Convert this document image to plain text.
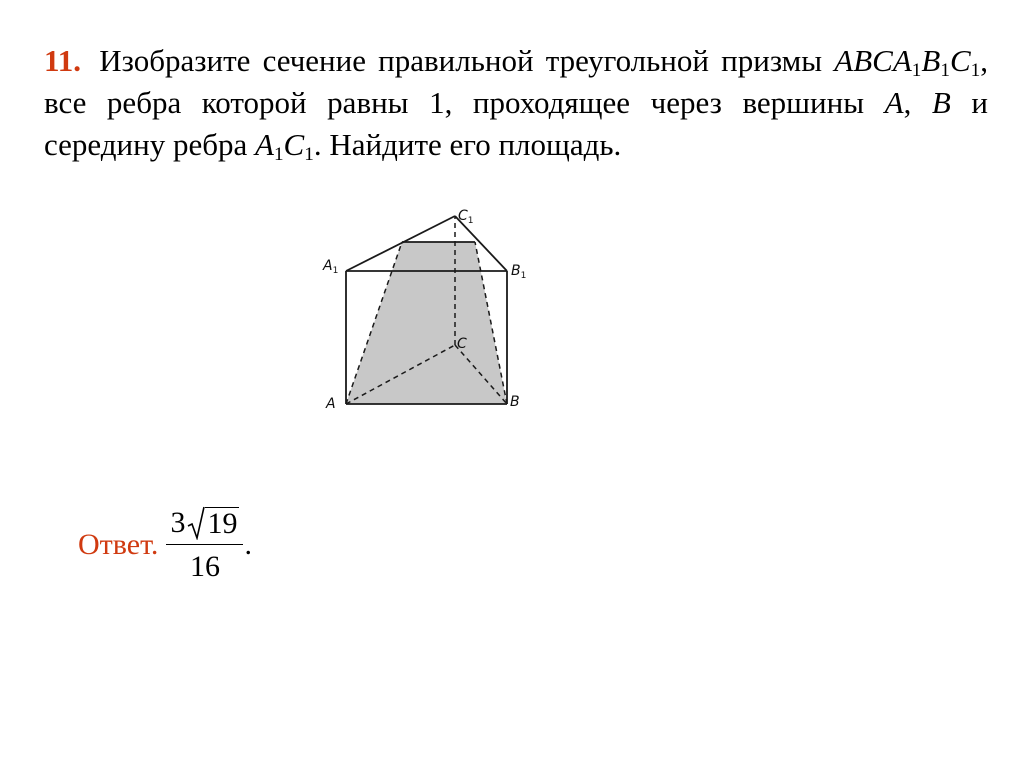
11. Изобразите сечение правильной треугольной призмы $ABCA_1B_1C_1$, все ребра которой равны 1, проходящее через вершины A, B и середину ребра $A_1C_1$. Найдите его площадь.
$C_1$
$A_1$	$B_1$
C
A	B
Ответ. $\frac{3 19}{16}$ .
